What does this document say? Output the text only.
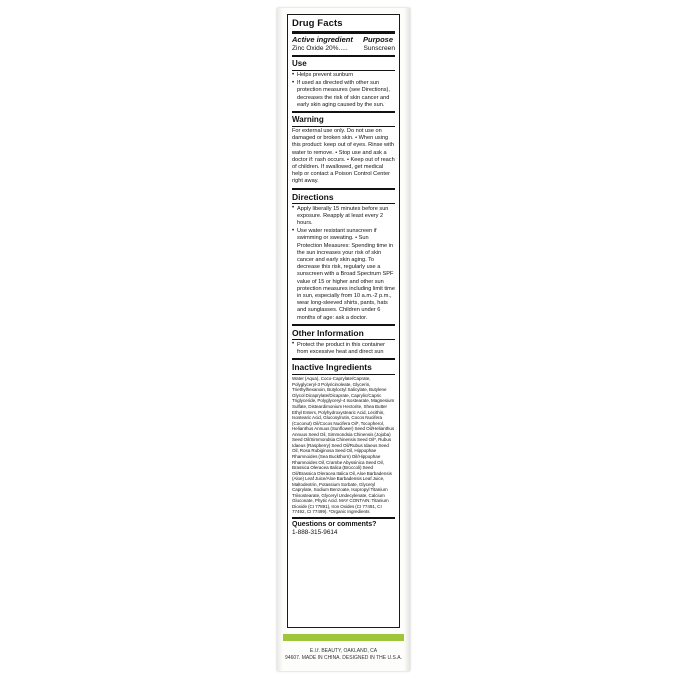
Drug Facts
Active ingredient Purpose
Zinc Oxide 20%..... Sunscreen
Use
• Helps prevent sunburn
• If used as directed with other sun protection measures (see Directions), decreases the risk of skin cancer and early skin aging caused by the sun.
Warning

For external use only. Do not use on damaged or broken skin. • When using this product: keep out of eyes. Rinse with water to remove. • Stop use and ask a doctor if: rash occurs. • Keep out of reach of children. If swallowed, get medical help or contact a Poison Control Center right away.

Directions
• Apply liberally 15 minutes before sun exposure. Reapply at least every 2 hours.
• Use water resistant sunscreen if swimming or sweating. • Sun Protection Measures: Spending time in the sun increases your risk of skin cancer and early skin aging. To decrease this risk, regularly use a sunscreen with a Broad Spectrum SPF value of 15 or higher and other sun protection measures including limit time in sun, especially from 10 a.m.-2 p.m., wear long-sleeved shirts, pants, hats and sunglasses. Children under 6 months of age: ask a doctor.
Other Information
• Protect the product in this container from excessive heat and direct sun
Inactive Ingredients

Water (Aqua), Coco-Caprylate/Caprate, Polyglyceryl-3 Polyricinoleate, Glycerin, Triethylhexanoin, Butyloctyl Salicylate, Butylene Glycol Dicaprylate/Dicaprate, Caprylic/Capric Triglyceride, Polyglyceryl-4 Isostearate, Magnesium Sulfate, Disteardimonium Hectorite, Shea Butter Ethyl Esters, Polyhydroxystearic Acid, Lecithin, Isostearic Acid, Glucosylrutin, Cocos Nucifera (Coconut) Oil/Cocos Nucifera Oil*, Tocopherol, Helianthus Annuus (Sunflower) Seed Oil/Helianthus Annuus Seed Oil, Simmondsia Chinensis (Jojoba) Seed Oil/Simmondsia Chinensis Seed Oil*, Rubus Idaeus (Raspberry) Seed Oil/Rubus Idaeus Seed Oil, Rosa Rubiginosa Seed Oil, Hippophae Rhamnoides (Sea Buckthorn) Oil/Hippophae Rhamnoides Oil, Crambe Abyssinica Seed Oil, Brassica Oleracea Italica (Broccoli) Seed Oil/Brassica Oleracea Italica Oil, Aloe Barbadensis (Aloe) Leaf Juice/Aloe Barbadensis Leaf Juice, Maltodextrin, Potassium Sorbate, Glyceryl Caprylate, Sodium Benzoate, Isopropyl Titanium Triisostearate, Glyceryl Undecylenate, Calcium Gluconate, Phytic Acid. MAY CONTAIN: Titanium Dioxide (CI 77891), Iron Oxides (CI 77491, CI 77492, CI 77499). *Organic Ingredients

Questions or comments?
1-888-315-9614
E.l.f. BEAUTY, OAKLAND, CA
94607. MADE IN CHINA. DESIGNED IN THE U.S.A.
